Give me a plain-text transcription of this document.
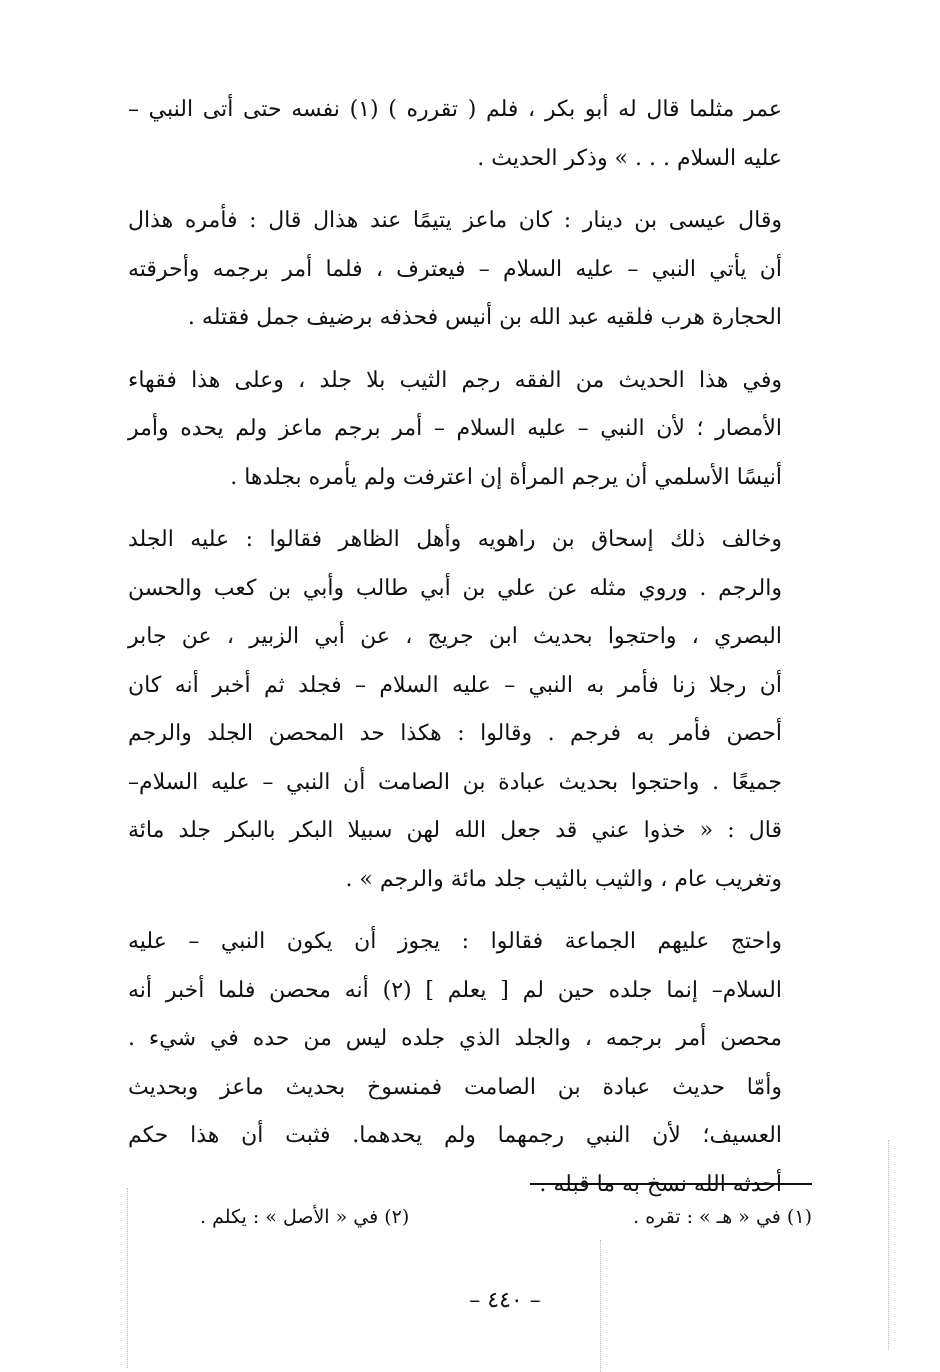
عمر مثلما قال له أبو بكر ، فلم ( تقرره ) (١) نفسه حتى أتى النبي –
عليه السلام . . . » وذكر الحديث .

وقال عيسى بن دينار : كان ماعز يتيمًا عند هذال قال : فأمره هذال
أن يأتي النبي – عليه السلام – فيعترف ، فلما أمر برجمه وأحرقته
الحجارة هرب فلقيه عبد الله بن أنيس فحذفه برضيف جمل فقتله .

وفي هذا الحديث من الفقه رجم الثيب بلا جلد ، وعلى هذا فقهاء
الأمصار ؛ لأن النبي – عليه السلام – أمر برجم ماعز ولم يحده وأمر
أنيسًا الأسلمي أن يرجم المرأة إن اعترفت ولم يأمره بجلدها .

وخالف ذلك إسحاق بن راهويه وأهل الظاهر فقالوا : عليه الجلد
والرجم . وروي مثله عن علي بن أبي طالب وأبي بن كعب والحسن
البصري ، واحتجوا بحديث ابن جريج ، عن أبي الزبير ، عن جابر
أن رجلا زنا فأمر به النبي – عليه السلام – فجلد ثم أخبر أنه كان
أحصن فأمر به فرجم . وقالوا : هكذا حد المحصن الجلد والرجم
جميعًا . واحتجوا بحديث عبادة بن الصامت أن النبي – عليه السلام–
قال : « خذوا عني قد جعل الله لهن سبيلا البكر بالبكر جلد مائة
وتغريب عام ، والثيب بالثيب جلد مائة والرجم » .

واحتج عليهم الجماعة فقالوا : يجوز أن يكون النبي – عليه
السلام– إنما جلده حين لم [ يعلم ] (٢) أنه محصن فلما أخبر أنه
محصن أمر برجمه ، والجلد الذي جلده ليس من حده في شيء .
وأمّا حديث عبادة بن الصامت فمنسوخ بحديث ماعز وبحديث
العسيف؛ لأن النبي رجمهما ولم يحدهما. فثبت أن هذا حكم
أحدثه الله نسخ به ما قبله .

(١) في « هـ » : تقره .
(٢) في « الأصل » : يكلم .
– ٤٤٠ –
